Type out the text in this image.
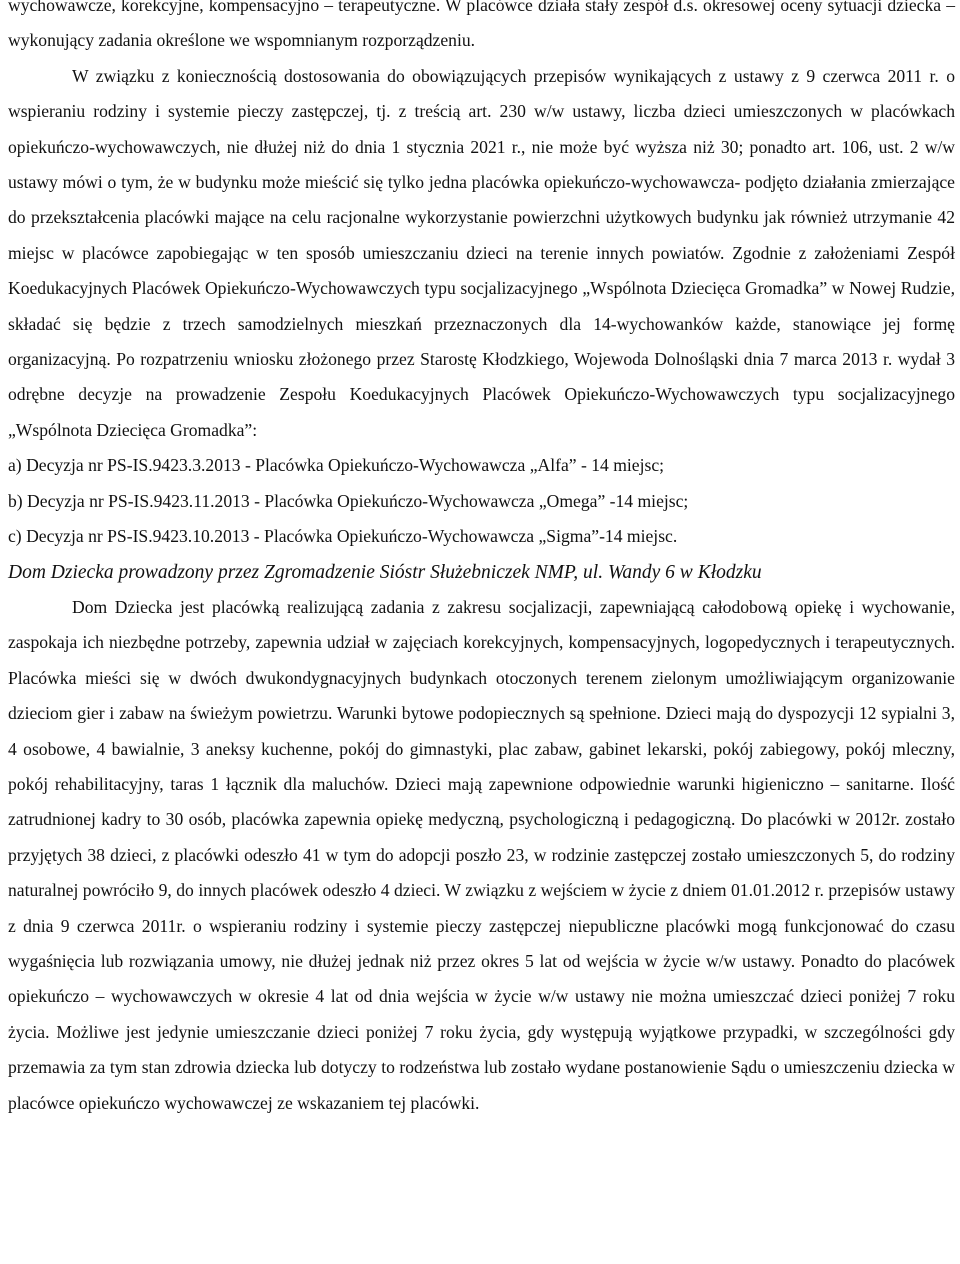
wychowawcze, korekcyjne, kompensacyjno – terapeutyczne. W placówce działa stały zespół d.s. okresowej oceny sytuacji dziecka – wykonujący zadania określone we wspomnianym rozporządzeniu.

W związku z koniecznością dostosowania do obowiązujących przepisów wynikających z ustawy z 9 czerwca 2011 r. o wspieraniu rodziny i systemie pieczy zastępczej, tj. z treścią art. 230 w/w ustawy, liczba dzieci umieszczonych w placówkach opiekuńczo-wychowawczych, nie dłużej niż do dnia 1 stycznia 2021 r., nie może być wyższa niż 30; ponadto art. 106, ust. 2 w/w ustawy mówi o tym, że w budynku może mieścić się tylko jedna placówka opiekuńczo-wychowawcza- podjęto działania zmierzające do przekształcenia placówki mające na celu racjonalne wykorzystanie powierzchni użytkowych budynku jak również utrzymanie 42 miejsc w placówce zapobiegając w ten sposób umieszczaniu dzieci na terenie innych powiatów. Zgodnie z założeniami Zespół Koedukacyjnych Placówek Opiekuńczo-Wychowawczych typu socjalizacyjnego „Wspólnota Dziecięca Gromadka” w Nowej Rudzie, składać się będzie z trzech samodzielnych mieszkań przeznaczonych dla 14-wychowanków każde, stanowiące jej formę organizacyjną. Po rozpatrzeniu wniosku złożonego przez Starostę Kłodzkiego, Wojewoda Dolnośląski dnia 7 marca 2013 r. wydał 3 odrębne decyzje na prowadzenie Zespołu Koedukacyjnych Placówek Opiekuńczo-Wychowawczych typu socjalizacyjnego „Wspólnota Dziecięca Gromadka”:

a) Decyzja nr PS-IS.9423.3.2013 - Placówka Opiekuńczo-Wychowawcza „Alfa” - 14 miejsc;

b) Decyzja nr PS-IS.9423.11.2013 - Placówka Opiekuńczo-Wychowawcza „Omega” -14 miejsc;

c) Decyzja nr PS-IS.9423.10.2013 - Placówka Opiekuńczo-Wychowawcza „Sigma”-14 miejsc.

Dom Dziecka prowadzony przez Zgromadzenie Sióstr Służebniczek NMP, ul. Wandy 6 w Kłodzku

Dom Dziecka jest placówką realizującą zadania z zakresu socjalizacji, zapewniającą całodobową opiekę i wychowanie, zaspokaja ich niezbędne potrzeby, zapewnia udział w zajęciach korekcyjnych, kompensacyjnych, logopedycznych i terapeutycznych. Placówka mieści się w dwóch dwukondygnacyjnych budynkach otoczonych terenem zielonym umożliwiającym organizowanie dzieciom gier i zabaw na świeżym powietrzu. Warunki bytowe podopiecznych są spełnione. Dzieci mają do dyspozycji 12 sypialni 3, 4 osobowe, 4 bawialnie, 3 aneksy kuchenne, pokój do gimnastyki, plac zabaw, gabinet lekarski, pokój zabiegowy, pokój mleczny, pokój rehabilitacyjny, taras 1 łącznik dla maluchów. Dzieci mają zapewnione odpowiednie warunki higieniczno – sanitarne. Ilość zatrudnionej kadry to 30 osób, placówka zapewnia opiekę medyczną, psychologiczną i pedagogiczną. Do placówki w 2012r. zostało przyjętych 38 dzieci, z placówki odeszło 41 w tym do adopcji poszło 23, w rodzinie zastępczej zostało umieszczonych 5, do rodziny naturalnej powróciło 9, do innych placówek odeszło 4 dzieci. W związku z wejściem w życie z dniem 01.01.2012 r. przepisów ustawy z dnia 9 czerwca 2011r. o wspieraniu rodziny i systemie pieczy zastępczej niepubliczne placówki mogą funkcjonować do czasu wygaśnięcia lub rozwiązania umowy, nie dłużej jednak niż przez okres 5 lat od wejścia w życie w/w ustawy. Ponadto do placówek opiekuńczo – wychowawczych w okresie 4 lat od dnia wejścia w życie w/w ustawy nie można umieszczać dzieci poniżej 7 roku życia. Możliwe jest jedynie umieszczanie dzieci poniżej 7 roku życia, gdy występują wyjątkowe przypadki, w szczególności gdy przemawia za tym stan zdrowia dziecka lub dotyczy to rodzeństwa lub zostało wydane postanowienie Sądu o umieszczeniu dziecka w placówce opiekuńczo wychowawczej ze wskazaniem tej placówki.
